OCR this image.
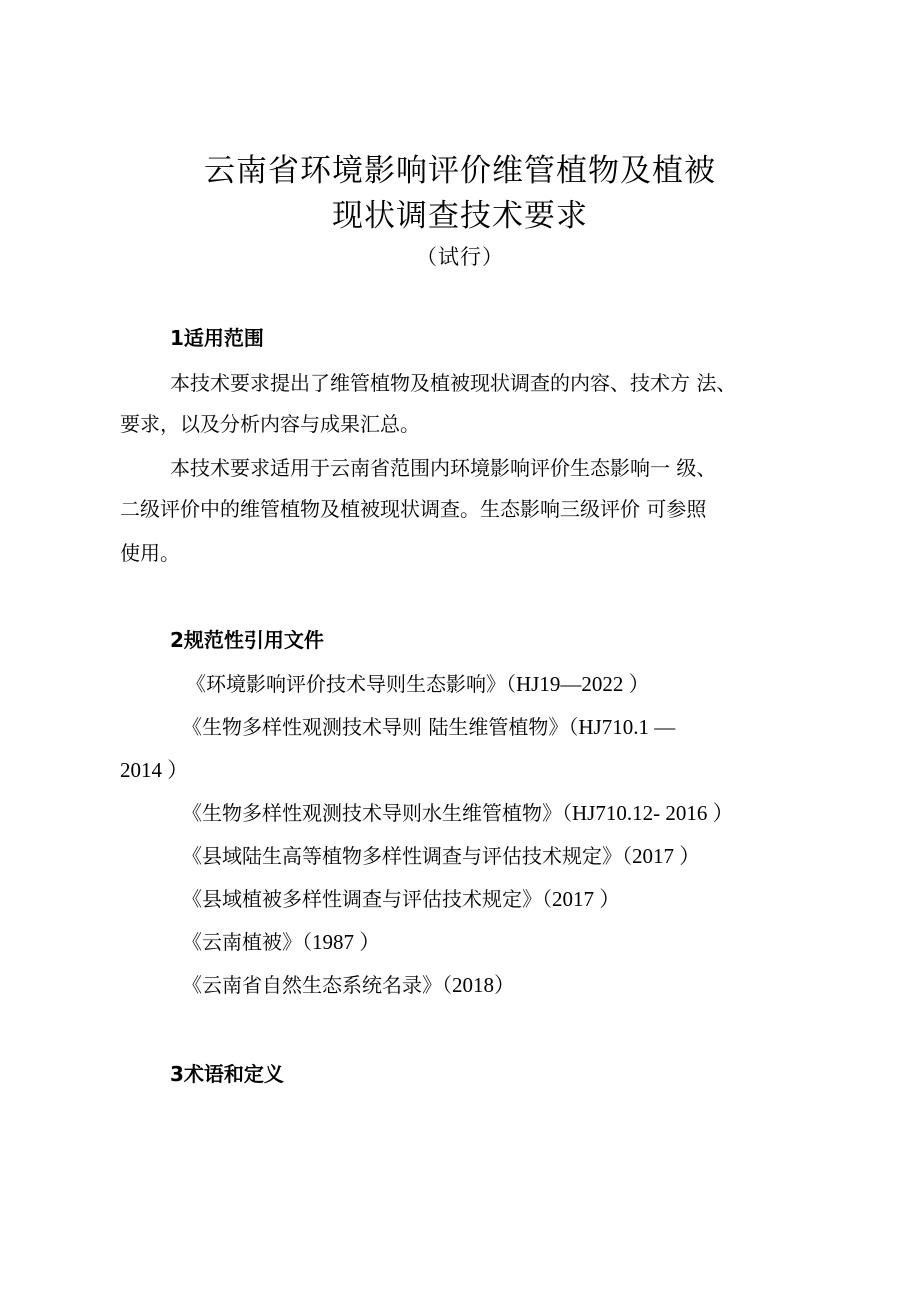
云南省环境影响评价维管植物及植被
现状调查技术要求
（试行）
1适用范围
本技术要求提出了维管植物及植被现状调查的内容、技术方 法、
要求，以及分析内容与成果汇总。
本技术要求适用于云南省范围内环境影响评价生态影响一 级、
二级评价中的维管植物及植被现状调查。生态影响三级评价 可参照
使用。
2规范性引用文件
《环境影响评价技术导则生态影响》（HJ19—2022 ）
《生物多样性观测技术导则 陆生维管植物》（HJ710.1 —
2014 ）
《生物多样性观测技术导则水生维管植物》（HJ710.12- 2016 ）
《县域陆生高等植物多样性调查与评估技术规定》（2017 ）
《县域植被多样性调查与评估技术规定》（2017 ）
《云南植被》（1987 ）
《云南省自然生态系统名录》（2018）
3术语和定义
